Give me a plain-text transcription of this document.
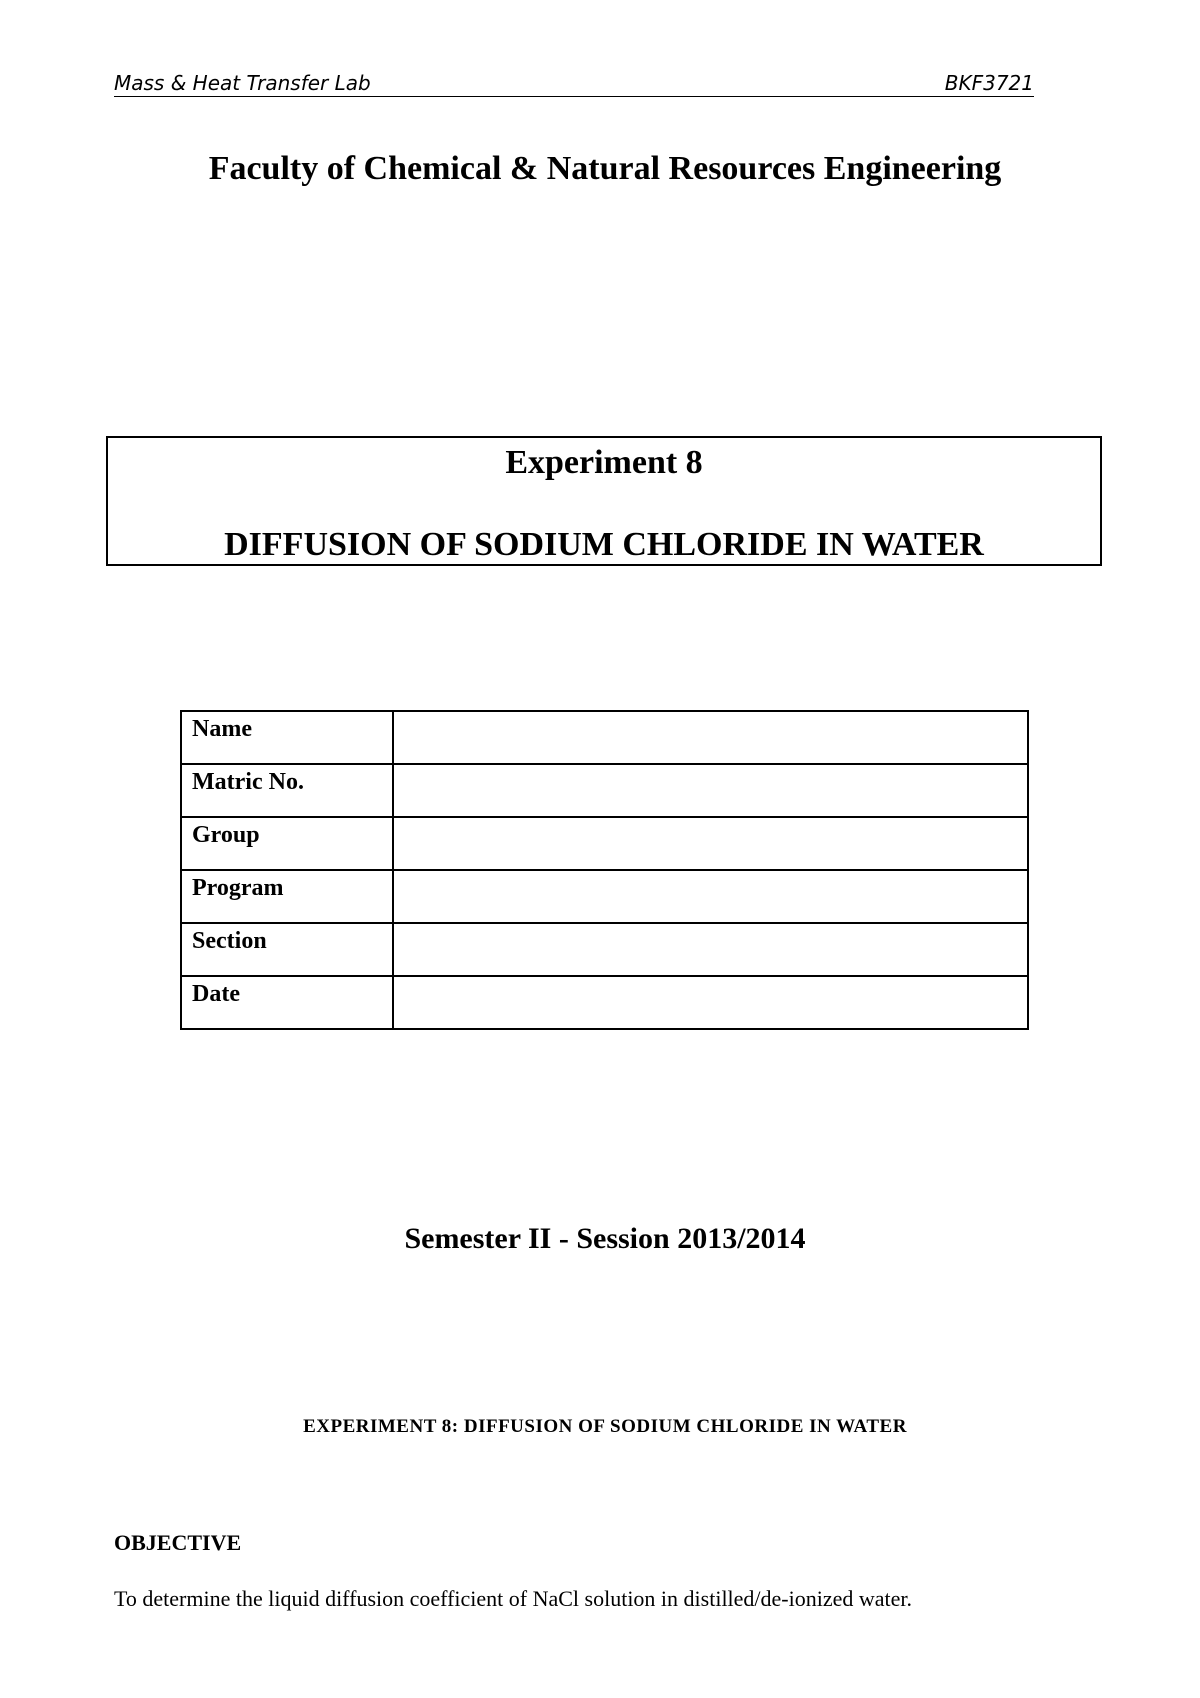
Mass & Heat Transfer Lab	BKF3721
Faculty of Chemical & Natural Resources Engineering
Experiment 8
DIFFUSION OF SODIUM CHLORIDE IN WATER
Name	
Matric No.	
Group	
Program	
Section	
Date	
Semester II - Session 2013/2014
EXPERIMENT 8: DIFFUSION OF SODIUM CHLORIDE IN WATER
OBJECTIVE
To determine the liquid diffusion coefficient of NaCl solution in distilled/de-ionized water.
